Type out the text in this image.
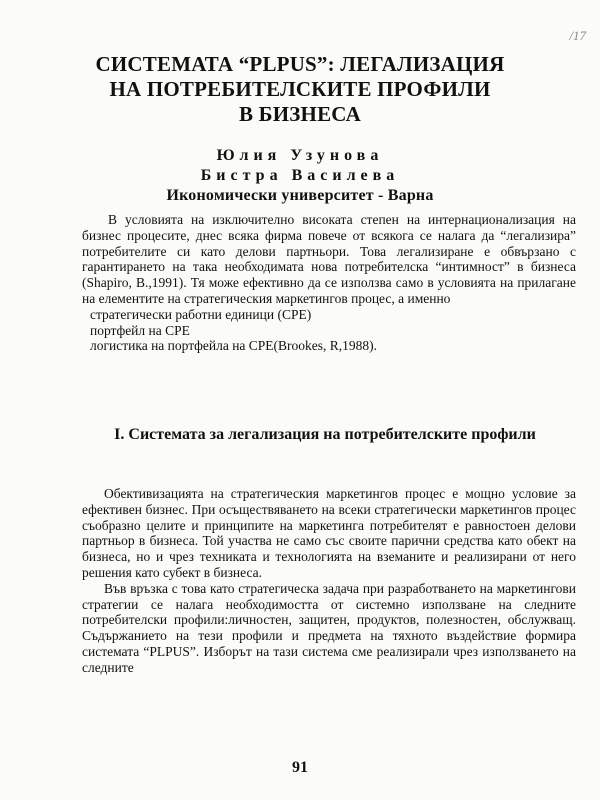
/17
СИСТЕМАТА “PLPUS”: ЛЕГАЛИЗАЦИЯ
НА ПОТРЕБИТЕЛСКИТЕ ПРОФИЛИ
В БИЗНЕСА
Юлия Узунова
Бистра Василева
Икономически университет - Варна

В условията на изключително високата степен на интернационализация на бизнес процесите, днес всяка фирма повече от всякога се налага да “легализира” потребителите си като делови партньори. Това легализиране е обвързано с гарантирането на така необходимата нова потребителска “интимност” в бизнеса (Shapiro, B.,1991). Тя може ефективно да се използва само в условията на прилагане на елементите на стратегическия маркетингов процес, а именно

стратегически работни единици (CPE)

портфейл на CPE

логистика на портфейла на CPE(Brookes, R,1988).

I. Системата за легализация на потребителските профили

Обективизацията на стратегическия маркетингов процес е мощно условие за ефективен бизнес. При осъществяването на всеки стратегически маркетингов процес съобразно целите и принципите на маркетинга потребителят е равностоен делови партньор в бизнеса. Той участва не само със своите парични средства като обект на бизнеса, но и чрез техниката и технологията на вземаните и реализирани от него решения като субект в бизнеса.

Във връзка с това като стратегическа задача при разработването на маркетингови стратегии се налага необходимостта от системно използване на следните потребителски профили:личностен, защитен, продуктов, полезностен, обслужващ. Съдържанието на тези профили и предмета на тяхното въздействие формира системата “PLPUS”. Изборът на тази система сме реализирали чрез използването на следните

91
